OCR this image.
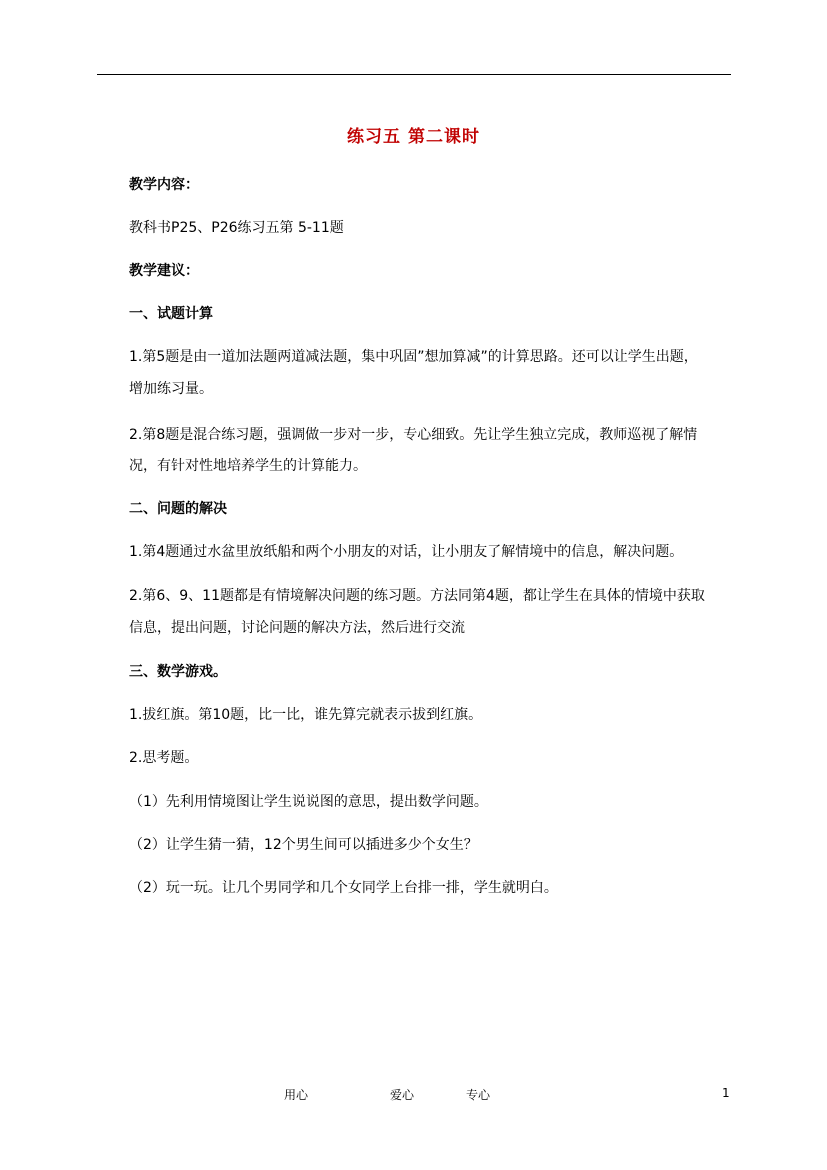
练习五 第二课时
教学内容：
教科书P25、P26练习五第 5-11题
教学建议：
一、试题计算
1.第5题是由一道加法题两道减法题，集中巩固”想加算减”的计算思路。还可以让学生出题，
增加练习量。
2.第8题是混合练习题，强调做一步对一步，专心细致。先让学生独立完成，教师巡视了解情
况，有针对性地培养学生的计算能力。
二、问题的解决
1.第4题通过水盆里放纸船和两个小朋友的对话，让小朋友了解情境中的信息，解决问题。
2.第6、9、11题都是有情境解决问题的练习题。方法同第4题，都让学生在具体的情境中获取
信息，提出问题，讨论问题的解决方法，然后进行交流
三、数学游戏。
1.拔红旗。第10题，比一比，谁先算完就表示拔到红旗。
2.思考题。
（1）先利用情境图让学生说说图的意思，提出数学问题。
（2）让学生猜一猜，12个男生间可以插进多少个女生？
（2）玩一玩。让几个男同学和几个女同学上台排一排，学生就明白。
用心	爱心	专心	1
